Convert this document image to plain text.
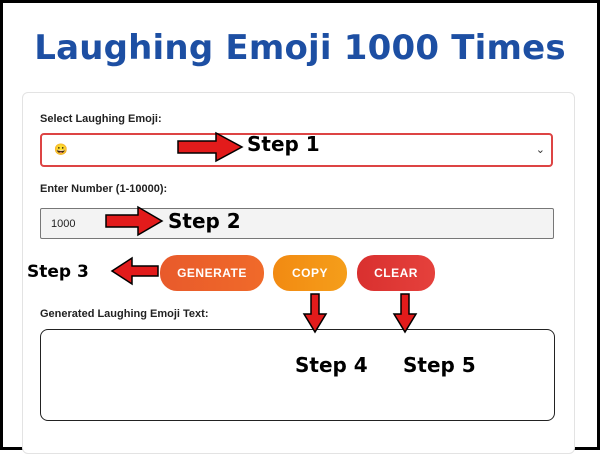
Laughing Emoji 1000 Times
Select Laughing Emoji:
😀	⌄
Enter Number (1-10000):
1000
GENERATE	COPY	CLEAR
Generated Laughing Emoji Text:
Step 1
Step 2
Step 3
Step 4 Step 5
